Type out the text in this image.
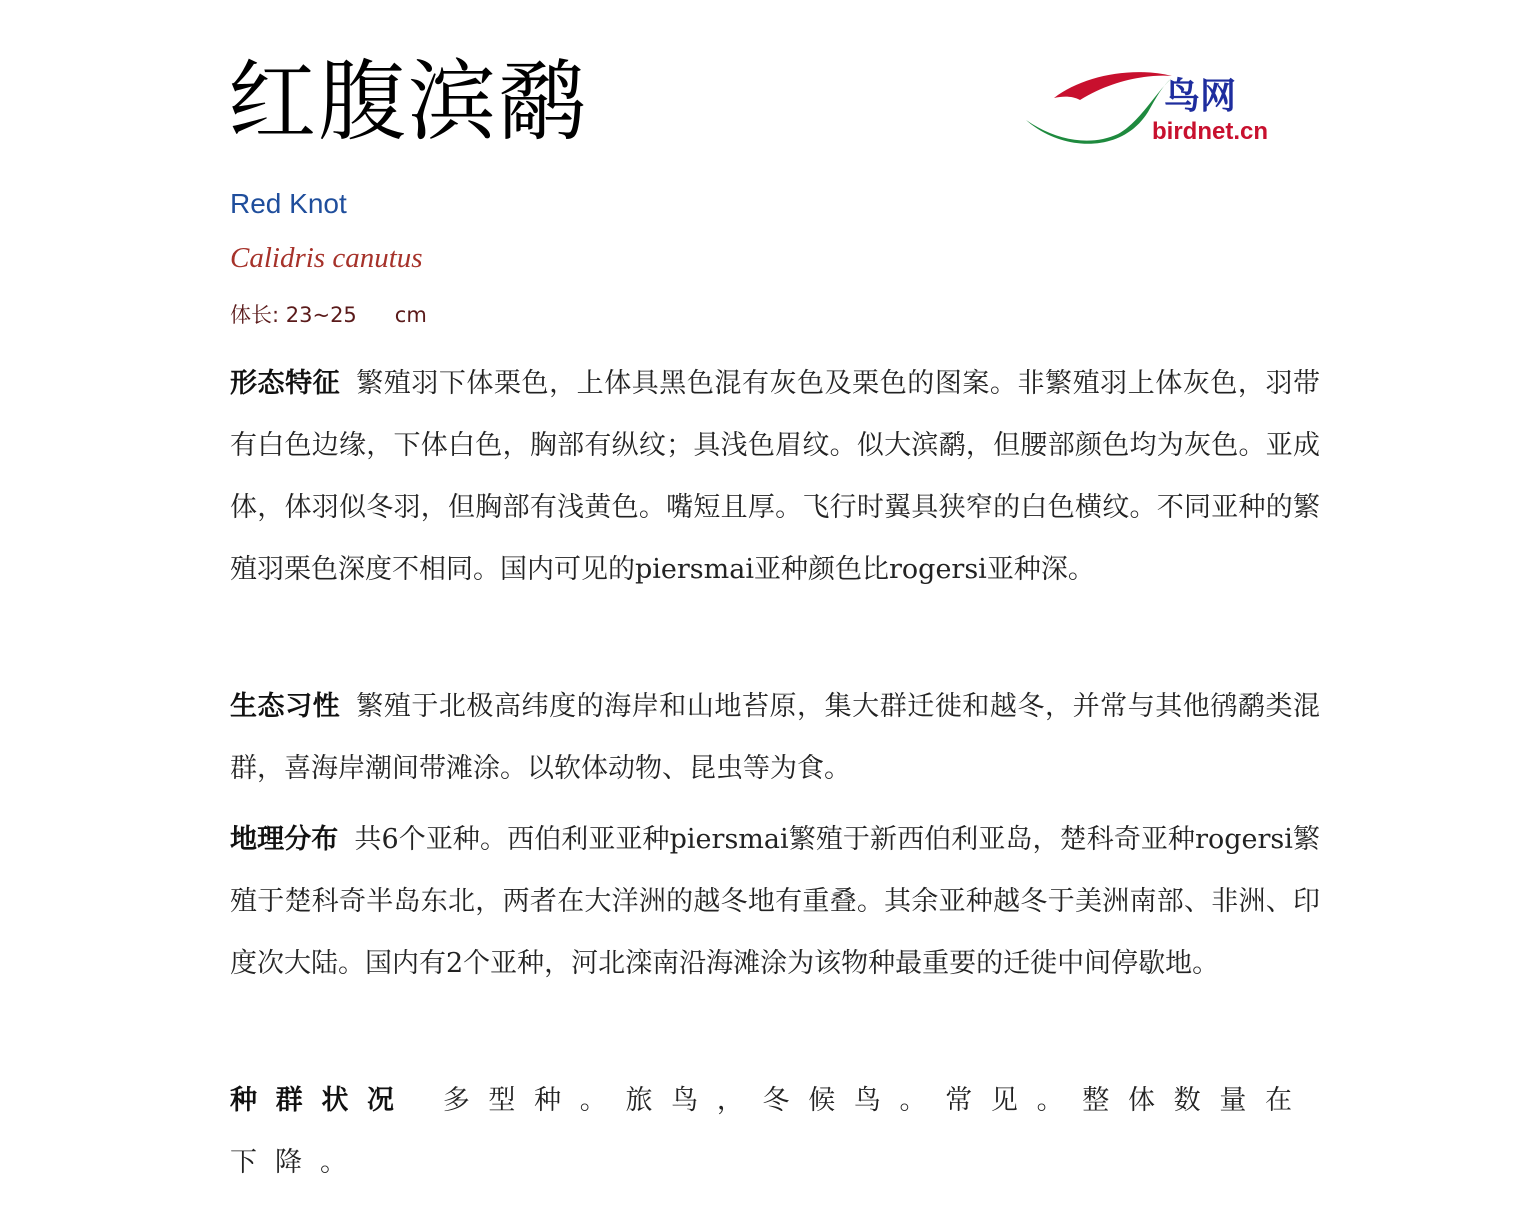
红腹滨鹬	鸟网
birdnet.cn
Red Knot
Calidris canutus
体长: 23~25 cm
形态特征 繁殖羽下体栗色，上体具黑色混有灰色及栗色的图案。非繁殖羽上体灰色，羽带有白色边缘，下体白色，胸部有纵纹；具浅色眉纹。似大滨鹬，但腰部颜色均为灰色。亚成体，体羽似冬羽，但胸部有浅黄色。嘴短且厚。飞行时翼具狭窄的白色横纹。不同亚种的繁殖羽栗色深度不相同。国内可见的piersmai亚种颜色比rogersi亚种深。
生态习性 繁殖于北极高纬度的海岸和山地苔原，集大群迁徙和越冬，并常与其他鸻鹬类混群，喜海岸潮间带滩涂。以软体动物、昆虫等为食。
地理分布 共6个亚种。西伯利亚亚种piersmai繁殖于新西伯利亚岛，楚科奇亚种rogersi繁殖于楚科奇半岛东北，两者在大洋洲的越冬地有重叠。其余亚种越冬于美洲南部、非洲、印度次大陆。国内有2个亚种，河北滦南沿海滩涂为该物种最重要的迁徙中间停歇地。
种群状况 多型种。旅鸟，冬候鸟。常见。整体数量在下降。
